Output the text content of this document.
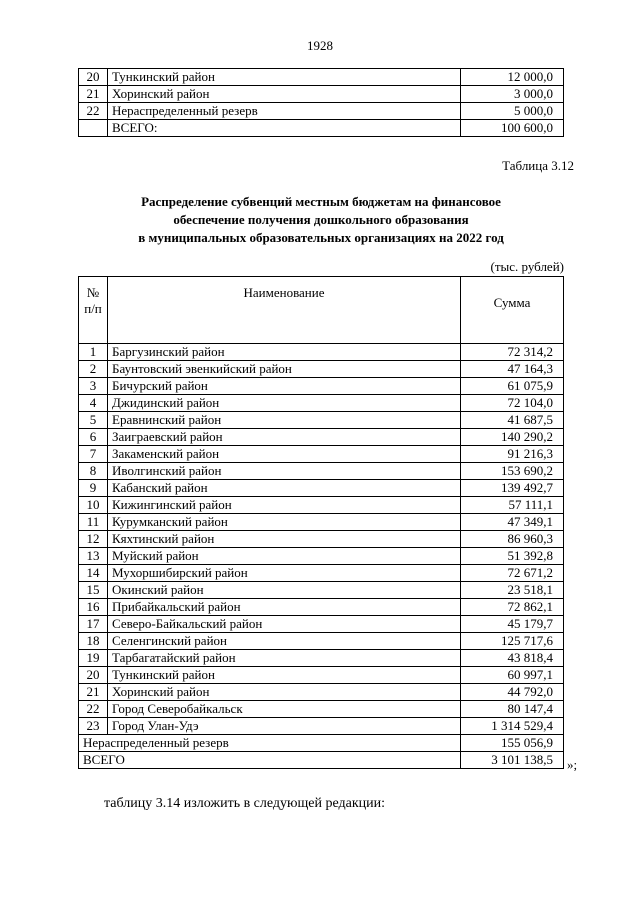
1928
20	Тункинский район	12 000,0
21	Хоринский район	3 000,0
22	Нераспределенный резерв	5 000,0
	ВСЕГО:	100 600,0
Таблица 3.12
Распределение субвенций местным бюджетам на финансовое
обеспечение получения дошкольного образования
в муниципальных образовательных организациях на 2022 год
(тыс. рублей)
№
п/п	Наименование	Сумма
1	Баргузинский район	72 314,2
2	Баунтовский эвенкийский район	47 164,3
3	Бичурский район	61 075,9
4	Джидинский район	72 104,0
5	Еравнинский район	41 687,5
6	Заиграевский район	140 290,2
7	Закаменский район	91 216,3
8	Иволгинский район	153 690,2
9	Кабанский район	139 492,7
10	Кижингинский район	57 111,1
11	Курумканский район	47 349,1
12	Кяхтинский район	86 960,3
13	Муйский район	51 392,8
14	Мухоршибирский район	72 671,2
15	Окинский район	23 518,1
16	Прибайкальский район	72 862,1
17	Северо-Байкальский район	45 179,7
18	Селенгинский район	125 717,6
19	Тарбагатайский район	43 818,4
20	Тункинский район	60 997,1
21	Хоринский район	44 792,0
22	Город Северобайкальск	80 147,4
23	Город Улан-Удэ	1 314 529,4
Нераспределенный резерв		155 056,9
ВСЕГО		3 101 138,5 »;
таблицу 3.14 изложить в следующей редакции:
